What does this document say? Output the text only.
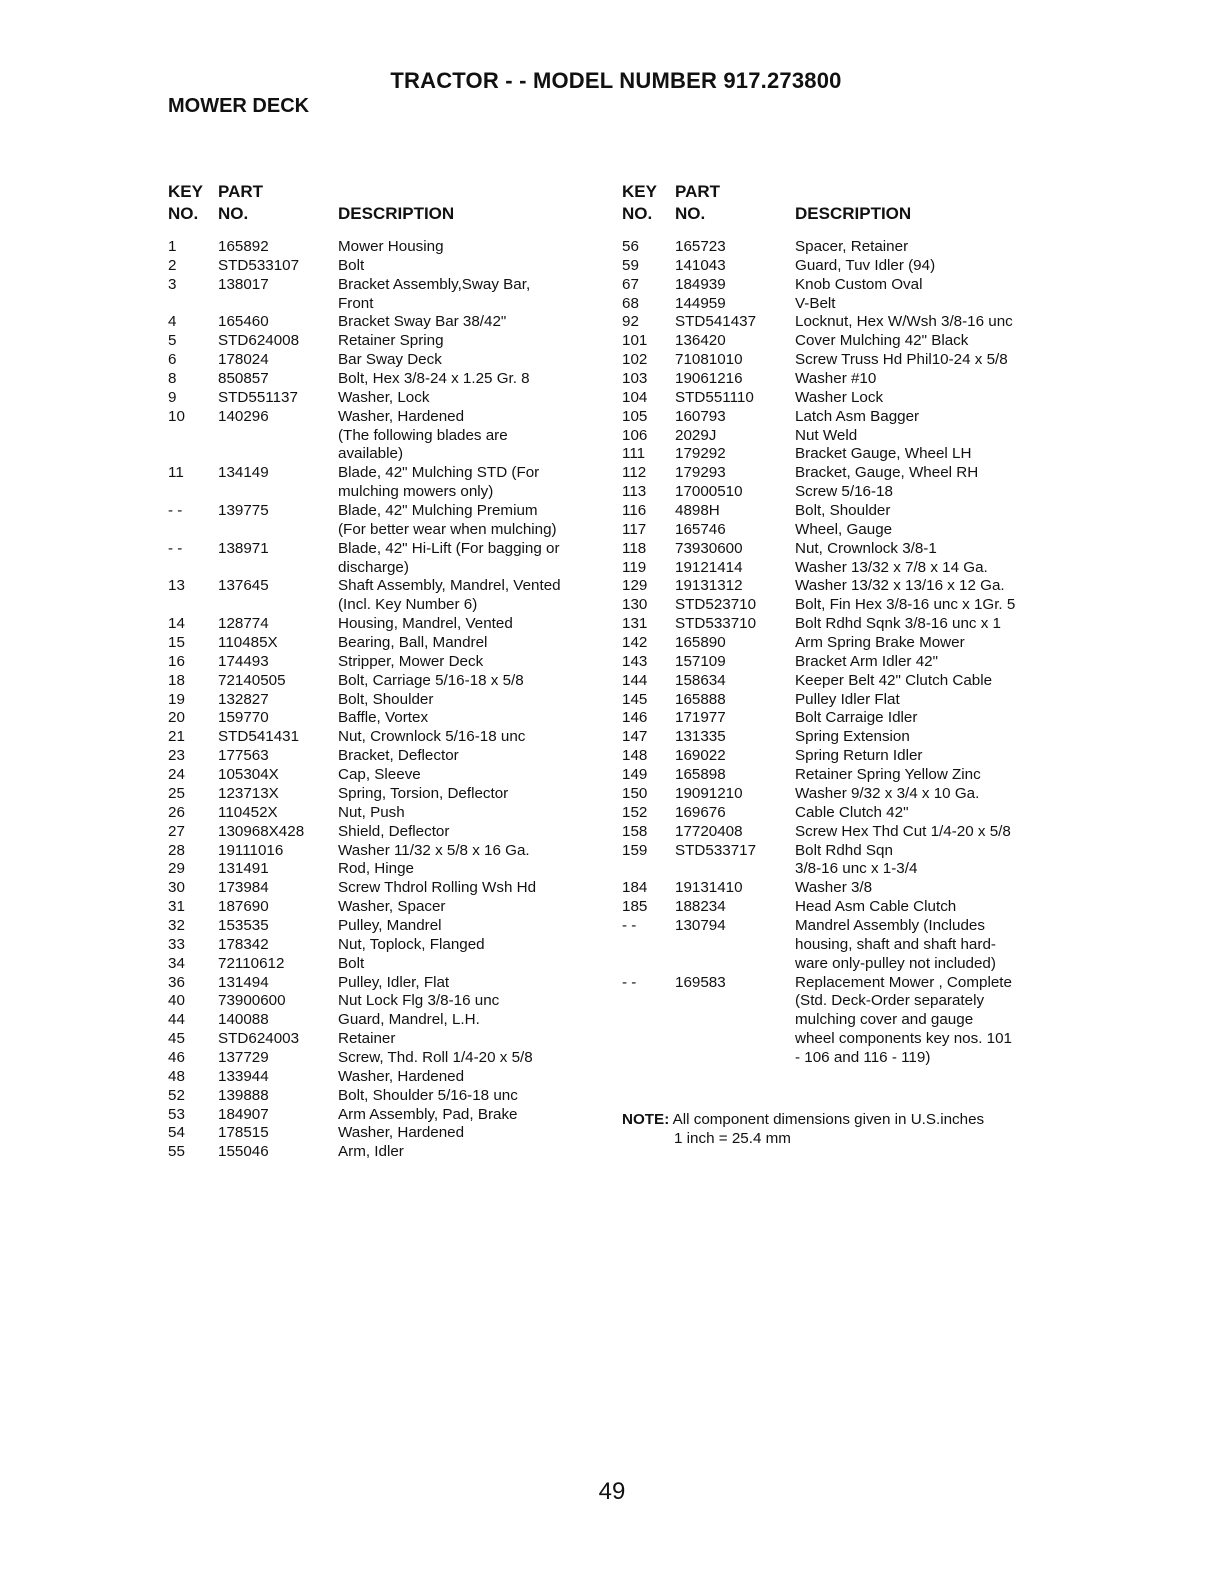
TRACTOR - - MODEL NUMBER 917.273800
MOWER DECK
KEY
NO.
PART
NO.	DESCRIPTION
1	165892	Mower Housing
2	STD533107	Bolt
3	138017	Bracket Assembly,Sway Bar,
Front
4	165460	Bracket Sway Bar 38/42"
5	STD624008	Retainer Spring
6	178024	Bar Sway Deck
8	850857	Bolt, Hex 3/8-24 x 1.25 Gr. 8
9	STD551137	Washer, Lock
10 140296	Washer, Hardened
(The following blades are
available)
11 134149	Blade, 42" Mulching STD (For
mulching mowers only)
- - 139775	Blade, 42" Mulching Premium
(For better wear when mulching)
- - 138971	Blade, 42" Hi-Lift (For bagging or
discharge)
13 137645	Shaft Assembly, Mandrel, Vented
(Incl. Key Number 6)
14 128774	Housing, Mandrel, Vented
15 110485X	Bearing, Ball, Mandrel
16 174493	Stripper, Mower Deck
18 72140505	Bolt, Carriage 5/16-18 x 5/8
19 132827	Bolt, Shoulder
20 159770	Baffle, Vortex
21 STD541431	Nut, Crownlock 5/16-18 unc
23 177563	Bracket, Deflector
24 105304X	Cap, Sleeve
25 123713X	Spring, Torsion, Deflector
26 110452X	Nut, Push
27 130968X428 Shield, Deflector
28 19111016	Washer 11/32 x 5/8 x 16 Ga.
29 131491	Rod, Hinge
30 173984	Screw Thdrol Rolling Wsh Hd
31 187690	Washer, Spacer
32 153535	Pulley, Mandrel
33 178342	Nut, Toplock, Flanged
34 72110612	Bolt
36 131494	Pulley, Idler, Flat
40 73900600	Nut Lock Flg 3/8-16 unc
44 140088	Guard, Mandrel, L.H.
45 STD624003	Retainer
46 137729	Screw, Thd. Roll 1/4-20 x 5/8
48 133944	Washer, Hardened
52 139888	Bolt, Shoulder 5/16-18 unc
53 184907	Arm Assembly, Pad, Brake
54 178515	Washer, Hardened
55 155046	Arm, Idler
KEY
NO.
PART
NO.	DESCRIPTION
56 165723	Spacer, Retainer
59 141043	Guard, Tuv Idler (94)
67 184939	Knob Custom Oval
68 144959	V-Belt
92 STD541437	Locknut, Hex W/Wsh 3/8-16 unc
101 136420	Cover Mulching 42" Black
102 71081010	Screw Truss Hd Phil10-24 x 5/8
103 19061216	Washer #10
104 STD551110	Washer Lock
105 160793	Latch Asm Bagger
106 2029J	Nut Weld
111 179292	Bracket Gauge, Wheel LH
112 179293	Bracket, Gauge, Wheel RH
113 17000510	Screw 5/16-18
116 4898H	Bolt, Shoulder
117 165746	Wheel, Gauge
118 73930600	Nut, Crownlock 3/8-1
119 19121414	Washer 13/32 x 7/8 x 14 Ga.
129 19131312	Washer 13/32 x 13/16 x 12 Ga.
130 STD523710	Bolt, Fin Hex 3/8-16 unc x 1Gr. 5
131 STD533710	Bolt Rdhd Sqnk 3/8-16 unc x 1
142 165890	Arm Spring Brake Mower
143 157109	Bracket Arm Idler 42"
144 158634	Keeper Belt 42" Clutch Cable
145 165888	Pulley Idler Flat
146 171977	Bolt Carraige Idler
147 131335	Spring Extension
148 169022	Spring Return Idler
149 165898	Retainer Spring Yellow Zinc
150 19091210	Washer 9/32 x 3/4 x 10 Ga.
152 169676	Cable Clutch 42"
158 17720408	Screw Hex Thd Cut 1/4-20 x 5/8
159 STD533717	Bolt Rdhd Sqn
3/8-16 unc x 1-3/4
184 19131410	Washer 3/8
185 188234	Head Asm Cable Clutch
- -	130794	Mandrel Assembly (Includes
housing, shaft and shaft hard-
ware only-pulley not included)
- -	169583	Replacement Mower , Complete
(Std. Deck-Order separately
mulching cover and gauge
wheel components key nos. 101
- 106 and 116 - 119)
NOTE: All component dimensions given in U.S.inches
1 inch = 25.4 mm
49
